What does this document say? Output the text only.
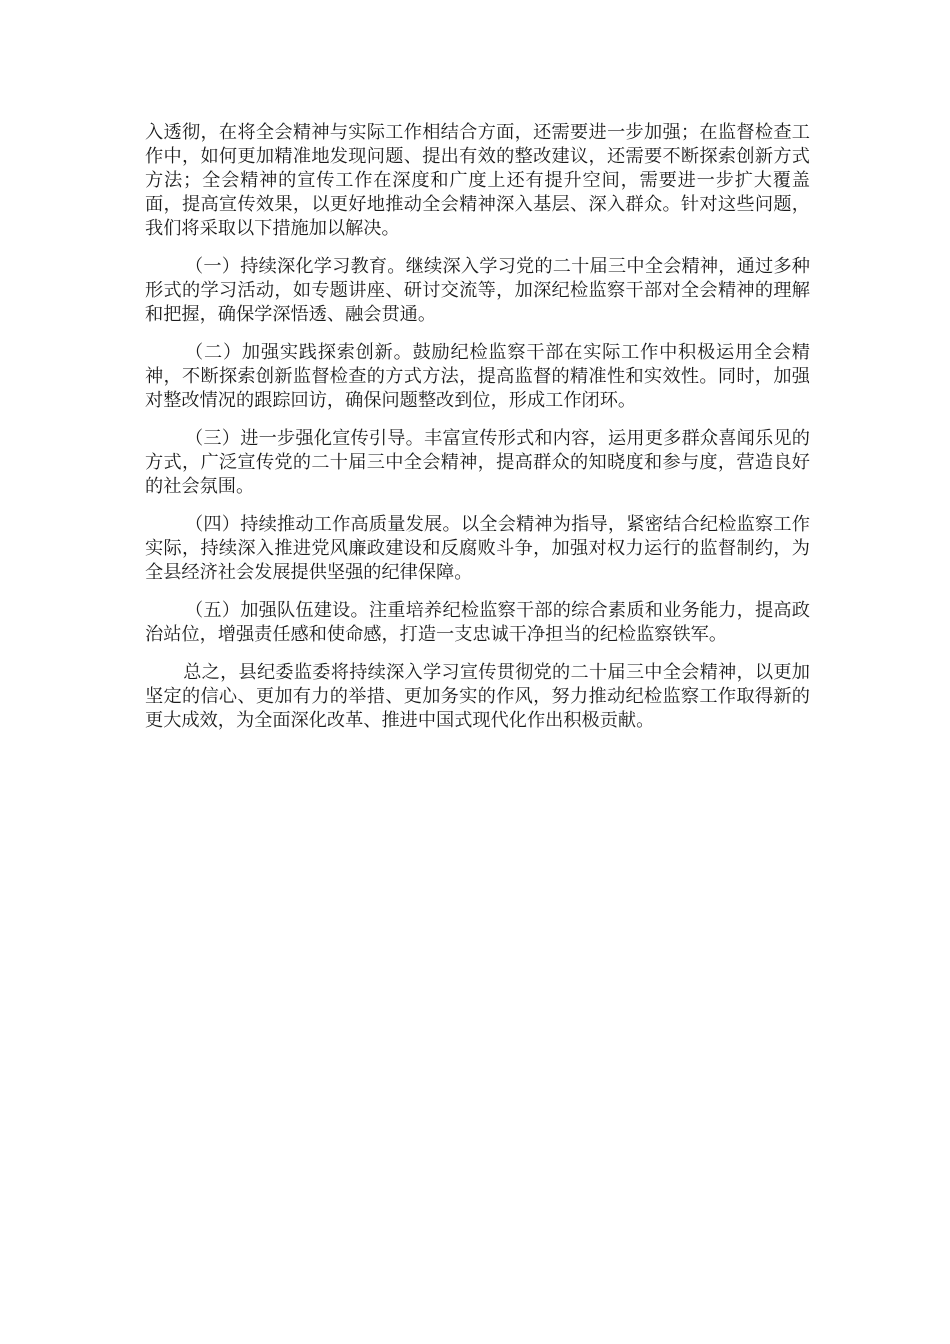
入透彻，在将全会精神与实际工作相结合方面，还需要进一步加强；在监督检查工作中，如何更加精准地发现问题、提出有效的整改建议，还需要不断探索创新方式方法；全会精神的宣传工作在深度和广度上还有提升空间，需要进一步扩大覆盖面，提高宣传效果，以更好地推动全会精神深入基层、深入群众。针对这些问题，我们将采取以下措施加以解决。

（一）持续深化学习教育。继续深入学习党的二十届三中全会精神，通过多种形式的学习活动，如专题讲座、研讨交流等，加深纪检监察干部对全会精神的理解和把握，确保学深悟透、融会贯通。

（二）加强实践探索创新。鼓励纪检监察干部在实际工作中积极运用全会精神，不断探索创新监督检查的方式方法，提高监督的精准性和实效性。同时，加强对整改情况的跟踪回访，确保问题整改到位，形成工作闭环。

（三）进一步强化宣传引导。丰富宣传形式和内容，运用更多群众喜闻乐见的方式，广泛宣传党的二十届三中全会精神，提高群众的知晓度和参与度，营造良好的社会氛围。

（四）持续推动工作高质量发展。以全会精神为指导，紧密结合纪检监察工作实际，持续深入推进党风廉政建设和反腐败斗争，加强对权力运行的监督制约，为全县经济社会发展提供坚强的纪律保障。

（五）加强队伍建设。注重培养纪检监察干部的综合素质和业务能力，提高政治站位，增强责任感和使命感，打造一支忠诚干净担当的纪检监察铁军。

总之，县纪委监委将持续深入学习宣传贯彻党的二十届三中全会精神，以更加坚定的信心、更加有力的举措、更加务实的作风，努力推动纪检监察工作取得新的更大成效，为全面深化改革、推进中国式现代化作出积极贡献。
